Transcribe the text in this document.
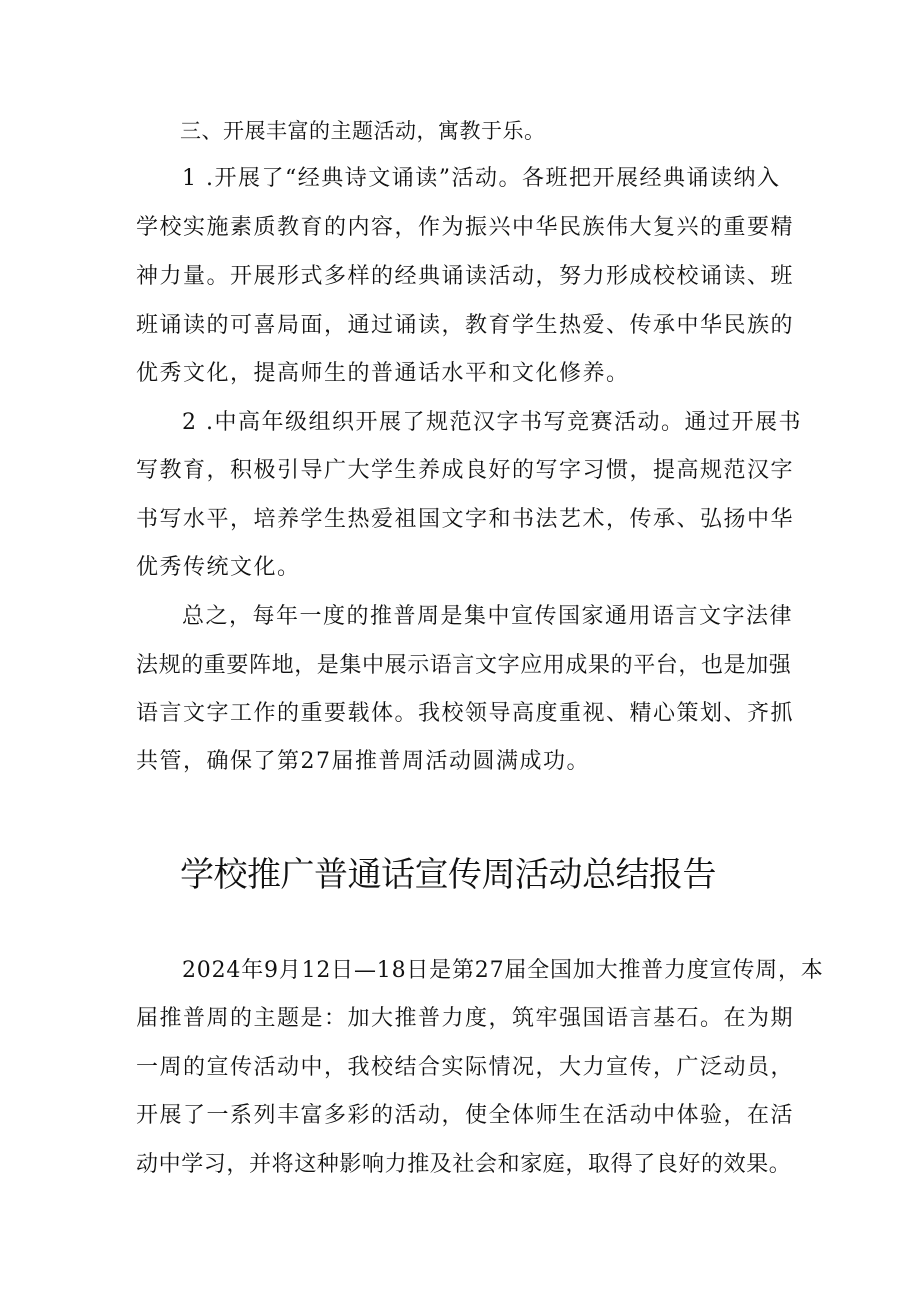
三、开展丰富的主题活动，寓教于乐。
1 .开展了“经典诗文诵读”活动。各班把开展经典诵读纳入
学校实施素质教育的内容，作为振兴中华民族伟大复兴的重要精
神力量。开展形式多样的经典诵读活动，努力形成校校诵读、班
班诵读的可喜局面，通过诵读，教育学生热爱、传承中华民族的
优秀文化，提高师生的普通话水平和文化修养。
2 .中高年级组织开展了规范汉字书写竞赛活动。通过开展书
写教育，积极引导广大学生养成良好的写字习惯，提高规范汉字
书写水平，培养学生热爱祖国文字和书法艺术，传承、弘扬中华
优秀传统文化。
总之，每年一度的推普周是集中宣传国家通用语言文字法律
法规的重要阵地，是集中展示语言文字应用成果的平台，也是加强
语言文字工作的重要载体。我校领导高度重视、精心策划、齐抓
共管，确保了第27届推普周活动圆满成功。
学校推广普通话宣传周活动总结报告
2024年9月12日—18日是第27届全国加大推普力度宣传周，本
届推普周的主题是：加大推普力度，筑牢强国语言基石。在为期
一周的宣传活动中，我校结合实际情况，大力宣传，广泛动员，
开展了一系列丰富多彩的活动，使全体师生在活动中体验，在活
动中学习，并将这种影响力推及社会和家庭，取得了良好的效果。
